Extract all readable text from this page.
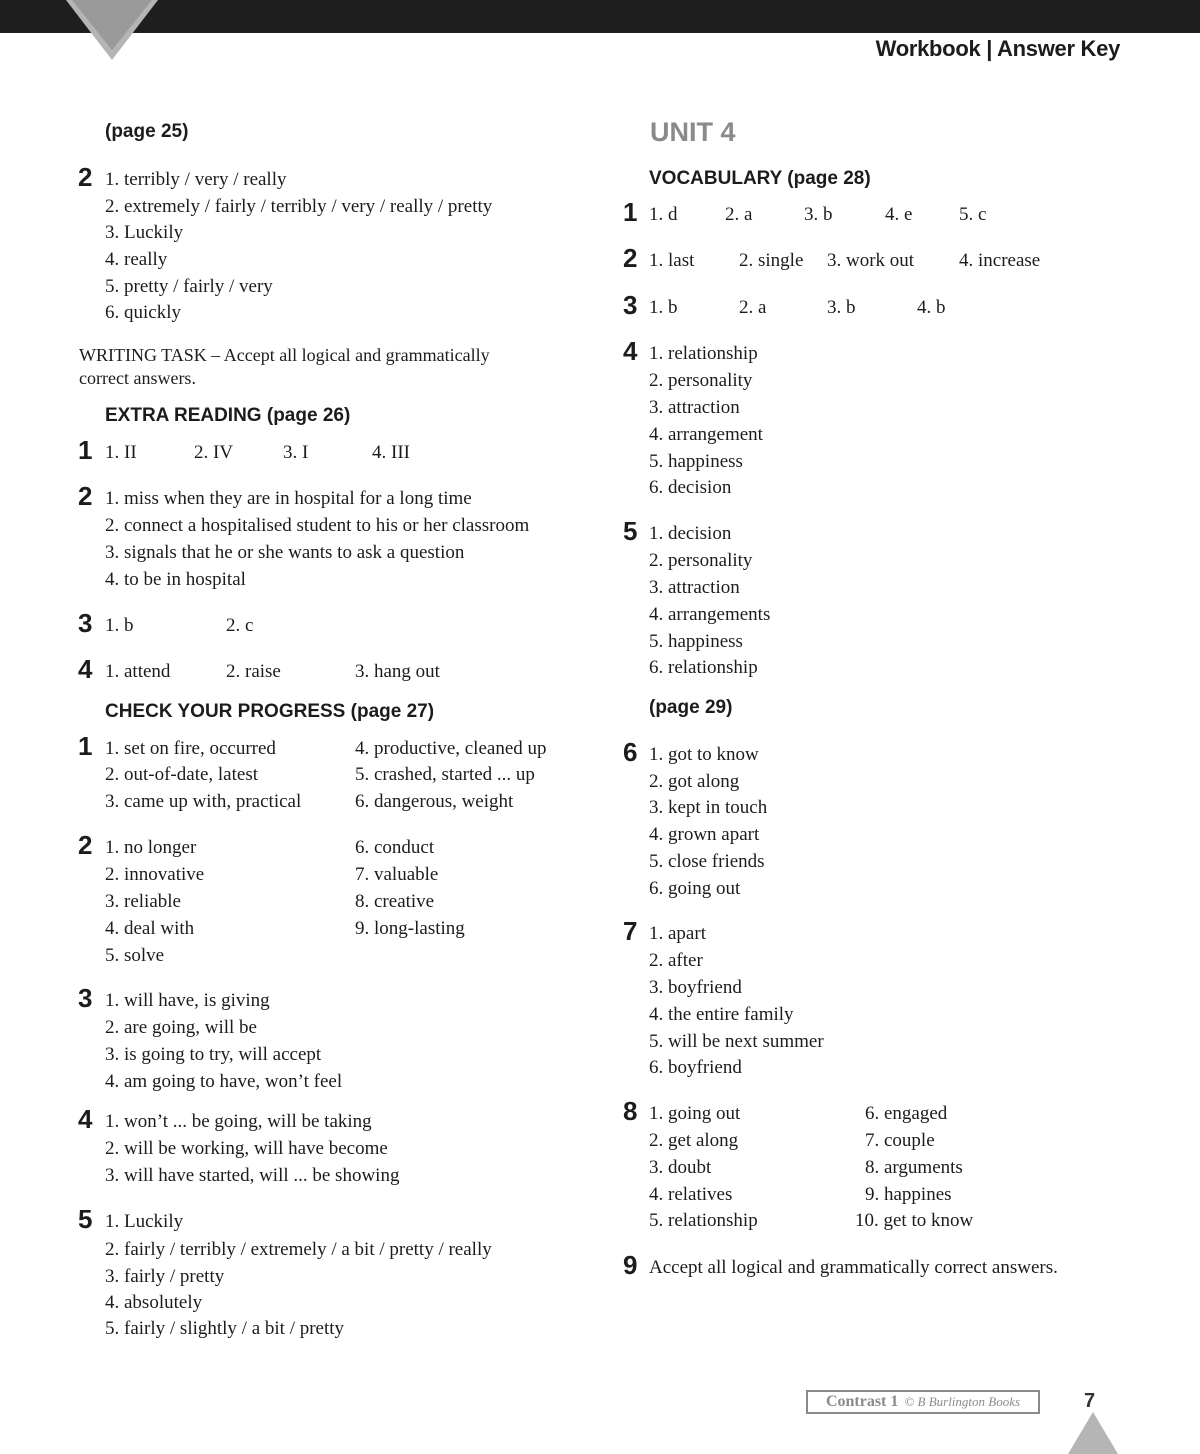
Workbook | Answer Key
(page 25)
2 1. terribly / very / really
2. extremely / fairly / terribly / very / really / pretty
3. Luckily
4. really
5. pretty / fairly / very
6. quickly
WRITING TASK – Accept all logical and grammatically correct answers.
EXTRA READING (page 26)
1 1. II	2. IV	3. I	4. III
2 1. miss when they are in hospital for a long time
2. connect a hospitalised student to his or her classroom
3. signals that he or she wants to ask a question
4. to be in hospital
3 1. b	2. c
4 1. attend	2. raise	3. hang out
CHECK YOUR PROGRESS (page 27)
1 1. set on fire, occurred
2. out-of-date, latest
3. came up with, practical
4. productive, cleaned up
5. crashed, started ... up
6. dangerous, weight
2 1. no longer
2. innovative
3. reliable
4. deal with
5. solve
6. conduct
7. valuable
8. creative
9. long-lasting
3 1. will have, is giving
2. are going, will be
3. is going to try, will accept
4. am going to have, won’t feel
4 1. won’t ... be going, will be taking
2. will be working, will have become
3. will have started, will ... be showing
5 1. Luckily
2. fairly / terribly / extremely / a bit / pretty / really
3. fairly / pretty
4. absolutely
5. fairly / slightly / a bit / pretty
UNIT 4
VOCABULARY (page 28)
1 1. d	2. a	3. b	4. e 5. c
2 1. last 2. single 3. work out 4. increase
3 1. b	2. a	3. b	4. b
4 1. relationship
2. personality
3. attraction
4. arrangement
5. happiness
6. decision
5 1. decision
2. personality
3. attraction
4. arrangements
5. happiness
6. relationship
(page 29)
6 1. got to know
2. got along
3. kept in touch
4. grown apart
5. close friends
6. going out
7 1. apart
2. after
3. boyfriend
4. the entire family
5. will be next summer
6. boyfriend
8 1. going out
2. get along
3. doubt
4. relatives
5. relationship
6. engaged
7. couple
8. arguments
9. happines
10. get to know
9 Accept all logical and grammatically correct answers.
Contrast 1 © B Burlington Books	7
